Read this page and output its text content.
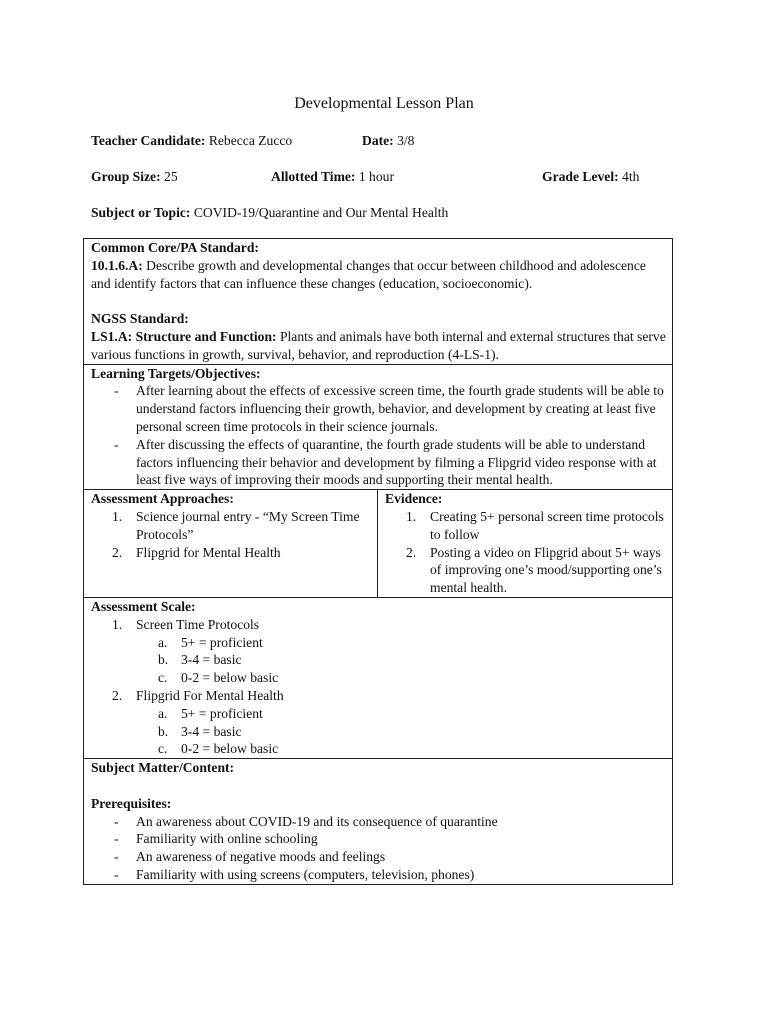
Developmental Lesson Plan
Teacher Candidate: Rebecca Zucco	Date: 3/8
Group Size: 25	Allotted Time: 1 hour	Grade Level: 4th
Subject or Topic: COVID-19/Quarantine and Our Mental Health
Common Core/PA Standard:
10.1.6.A: Describe growth and developmental changes that occur between childhood and adolescence and identify factors that can influence these changes (education, socioeconomic).
NGSS Standard:
LS1.A: Structure and Function: Plants and animals have both internal and external structures that serve various functions in growth, survival, behavior, and reproduction (4-LS-1).

Learning Targets/Objectives:
- After learning about the effects of excessive screen time, the fourth grade students will be able to understand factors influencing their growth, behavior, and development by creating at least five personal screen time protocols in their science journals.
- After discussing the effects of quarantine, the fourth grade students will be able to understand factors influencing their behavior and development by filming a Flipgrid video response with at least five ways of improving their moods and supporting their mental health.

Assessment Approaches:
1. Science journal entry - “My Screen Time Protocols”
2. Flipgrid for Mental Health

Evidence:
1. Creating 5+ personal screen time protocols to follow
2. Posting a video on Flipgrid about 5+ ways of improving one’s mood/supporting one’s mental health.

Assessment Scale:
1. Screen Time Protocols
a. 5+ = proficient
b. 3-4 = basic
c. 0-2 = below basic
2. Flipgrid For Mental Health
a. 5+ = proficient
b. 3-4 = basic
c. 0-2 = below basic

Subject Matter/Content:
Prerequisites:
- An awareness about COVID-19 and its consequence of quarantine
- Familiarity with online schooling
- An awareness of negative moods and feelings
- Familiarity with using screens (computers, television, phones)
